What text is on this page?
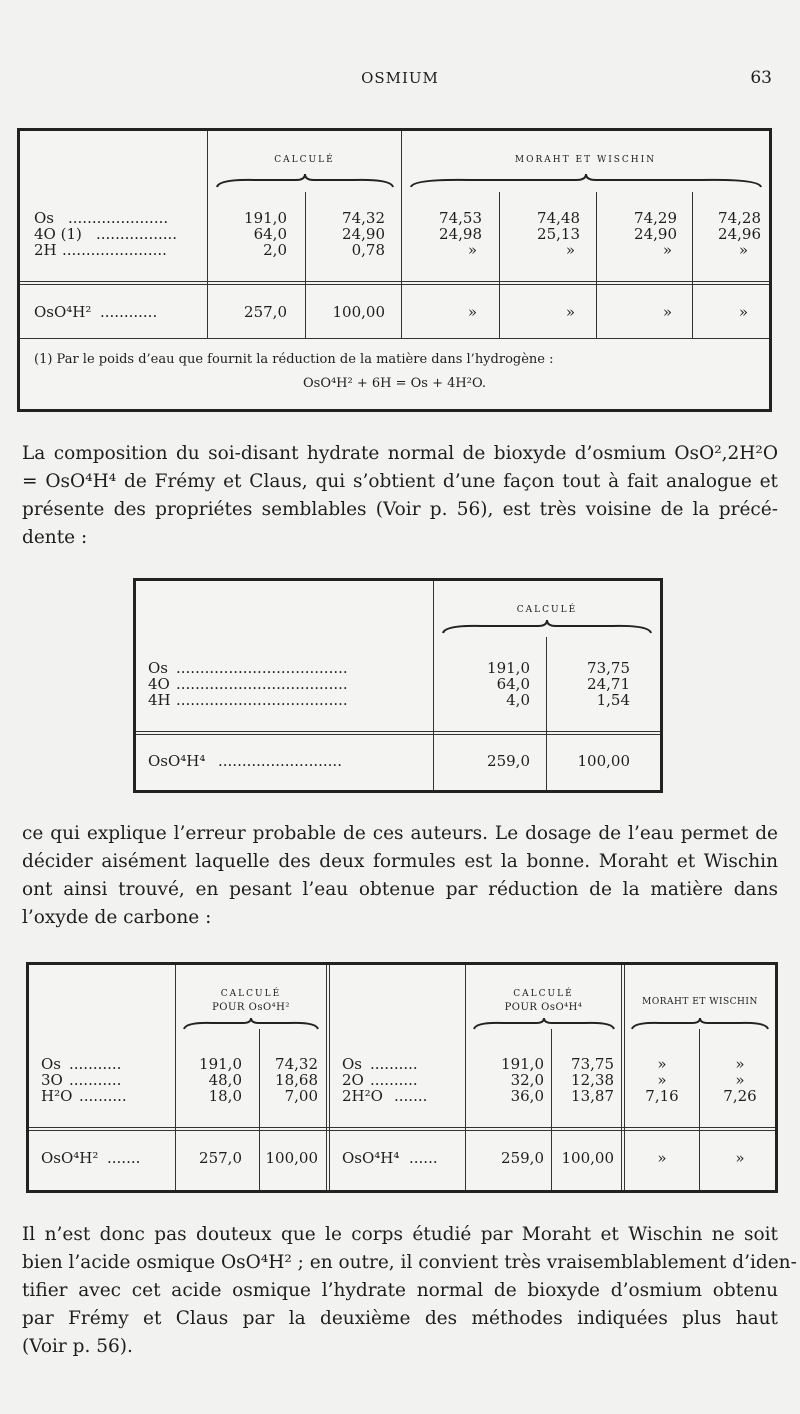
OSMIUM	63
CALCULÉ	MORAHT ET WISCHIN
Os .....................	191,0	74,32	74,53	74,48	74,29	74,28
4O (1) .................	64,0	24,90	24,98	25,13	24,90	24,96
2H ......................	2,0	0,78	»	»	»	»
OsO⁴H² ............	257,0	100,00	»	»	»	»
(1) Par le poids d’eau que fournit la réduction de la matière dans l’hydrogène :
OsO⁴H² + 6H = Os + 4H²O.
La composition du soi-disant hydrate normal de bioxyde d’osmium OsO²,2H²O
= OsO⁴H⁴ de Frémy et Claus, qui s’obtient d’une façon tout à fait analogue et
présente des propriétes semblables (Voir p. 56), est très voisine de la précé-
dente :
CALCULÉ
Os ....................................	191,0	73,75
4O ....................................	64,0	24,71
4H ....................................	4,0	1,54
OsO⁴H⁴ ..........................	259,0	100,00
ce qui explique l’erreur probable de ces auteurs. Le dosage de l’eau permet de
décider aisément laquelle des deux formules est la bonne. Moraht et Wischin
ont ainsi trouvé, en pesant l’eau obtenue par réduction de la matière dans
l’oxyde de carbone :
CALCULÉ
POUR OsO⁴H²
CALCULÉ
POUR OsO⁴H⁴	MORAHT ET WISCHIN
Os ...........	191,0	74,32 Os ..........	191,0	73,75	»	»
3O ...........	48,0	18,68 2O ..........	32,0	12,38	»	»
H²O ..........	18,0	7,00 2H²O .......	36,0	13,87	7,16	7,26
OsO⁴H² .......	257,0	100,00 OsO⁴H⁴ ......	259,0	100,00	»	»
Il n’est donc pas douteux que le corps étudié par Moraht et Wischin ne soit
bien l’acide osmique OsO⁴H² ; en outre, il convient très vraisemblablement d’iden-
tifier avec cet acide osmique l’hydrate normal de bioxyde d’osmium obtenu
par Frémy et Claus par la deuxième des méthodes indiquées plus haut
(Voir p. 56).
